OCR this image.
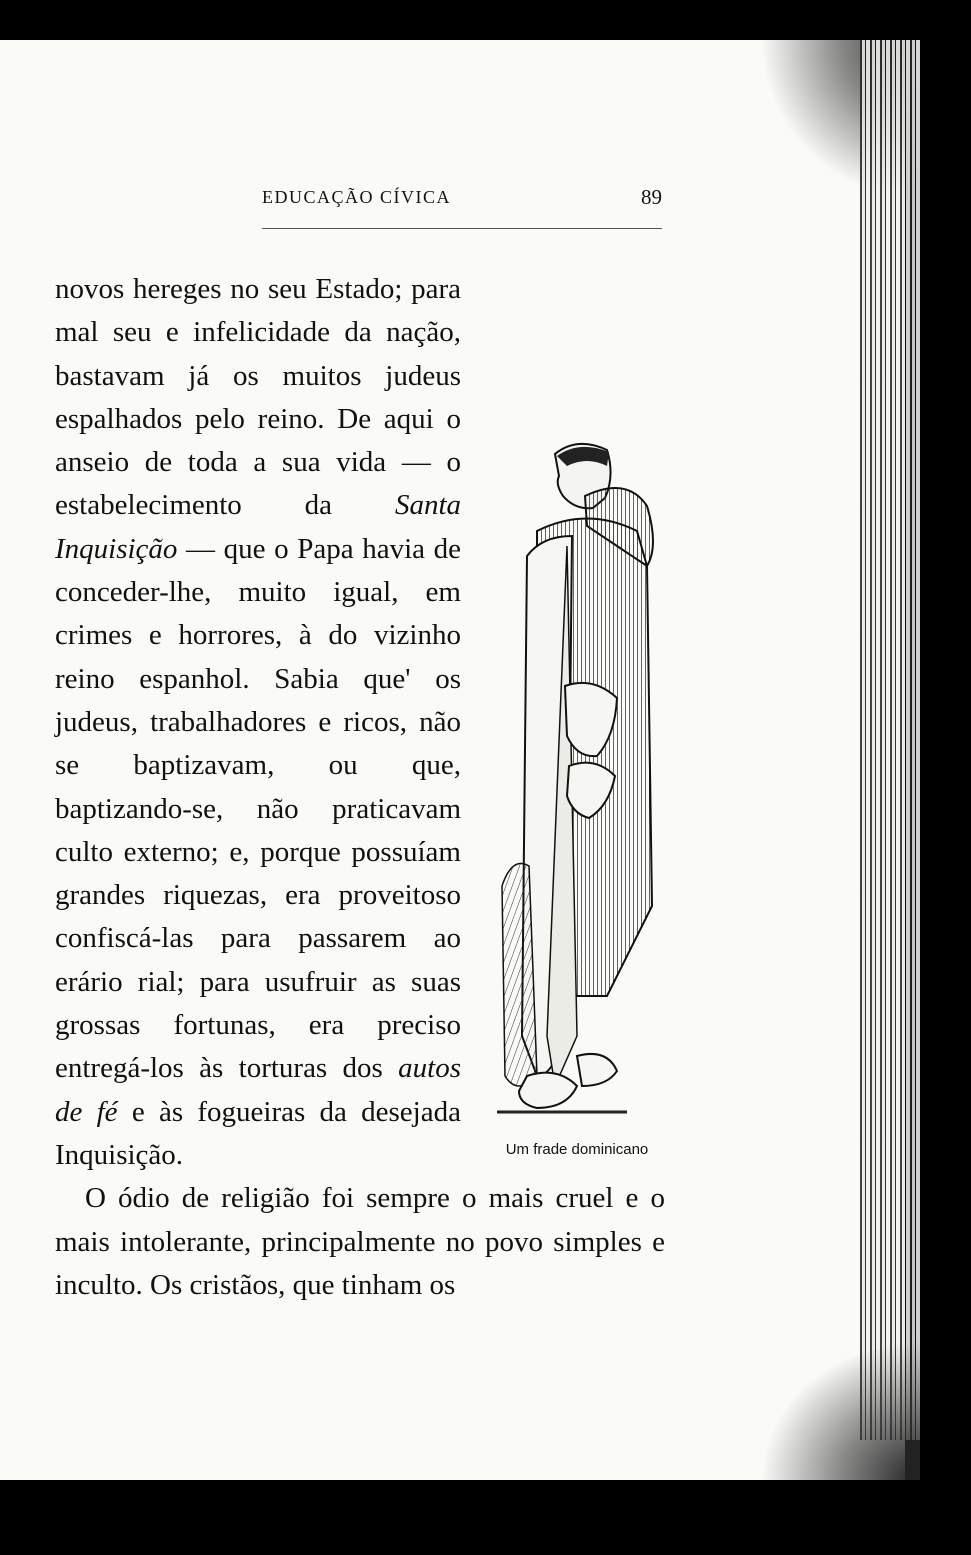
EDUCAÇÃO CÍVICA	89
Um frade dominicano

novos hereges no seu Estado; para mal seu e infelicidade da nação, bastavam já os muitos judeus espalhados pelo reino. De aqui o anseio de toda a sua vida — o estabelecimento da Santa Inquisição — que o Papa havia de conceder-lhe, muito igual, em crimes e horrores, à do vizinho reino espanhol. Sabia que' os judeus, trabalhadores e ricos, não se baptizavam, ou que, baptizando-se, não praticavam culto externo; e, porque possuíam grandes riquezas, era proveitoso confiscá-las para passarem ao erário rial; para usufruir as suas grossas fortunas, era preciso entregá-los às torturas dos autos de fé e às fogueiras da desejada Inquisição.

O ódio de religião foi sempre o mais cruel e o mais intolerante, principalmente no povo simples e inculto. Os cristãos, que tinham os
